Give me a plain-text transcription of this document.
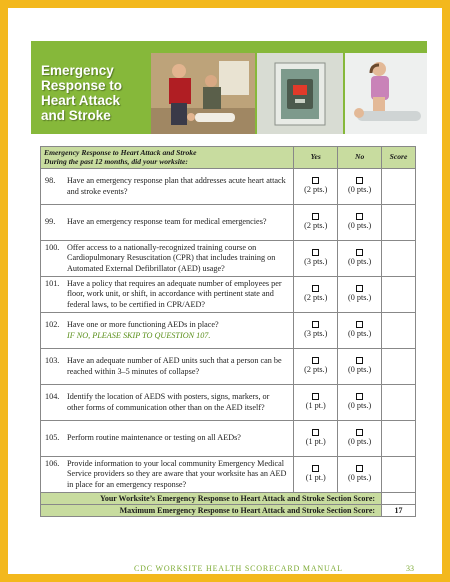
Emergency
Response to
Heart Attack
and Stroke
Emergency Response to Heart Attack and Stroke
During the past 12 months, did your worksite:	Yes	No	Score

98. Have an emergency response plan that addresses acute heart attack and stroke events?	(2 pts.)	(0 pts.)	

99. Have an emergency response team for medical emergencies?	(2 pts.)	(0 pts.)	

100. Offer access to a nationally-recognized training course on Cardiopulmonary Resuscitation (CPR) that includes training on Automated External Defibrillator (AED) usage?	(3 pts.)	(0 pts.)	

101. Have a policy that requires an adequate number of employees per floor, work unit, or shift, in accordance with pertinent state and federal laws, to be certified in CPR/AED?	(2 pts.)	(0 pts.)	

102. Have one or more functioning AEDs in place?
IF NO, PLEASE SKIP TO QUESTION 107.	(3 pts.)	(0 pts.)	

103. Have an adequate number of AED units such that a person can be reached within 3–5 minutes of collapse?	(2 pts.)	(0 pts.)	

104. Identify the location of AEDS with posters, signs, markers, or other forms of communication other than on the AED itself?	(1 pt.)	(0 pts.)	

105. Perform routine maintenance or testing on all AEDs?	(1 pt.)	(0 pts.)	

106. Provide information to your local community Emergency Medical Service providers so they are aware that your worksite has an AED in place for an emergency response?	(1 pt.)	(0 pts.)	
Your Worksite’s Emergency Response to Heart Attack and Stroke Section Score:			
Maximum Emergency Response to Heart Attack and Stroke Section Score:			17
CDC WORKSITE HEALTH SCORECARD MANUAL	33
